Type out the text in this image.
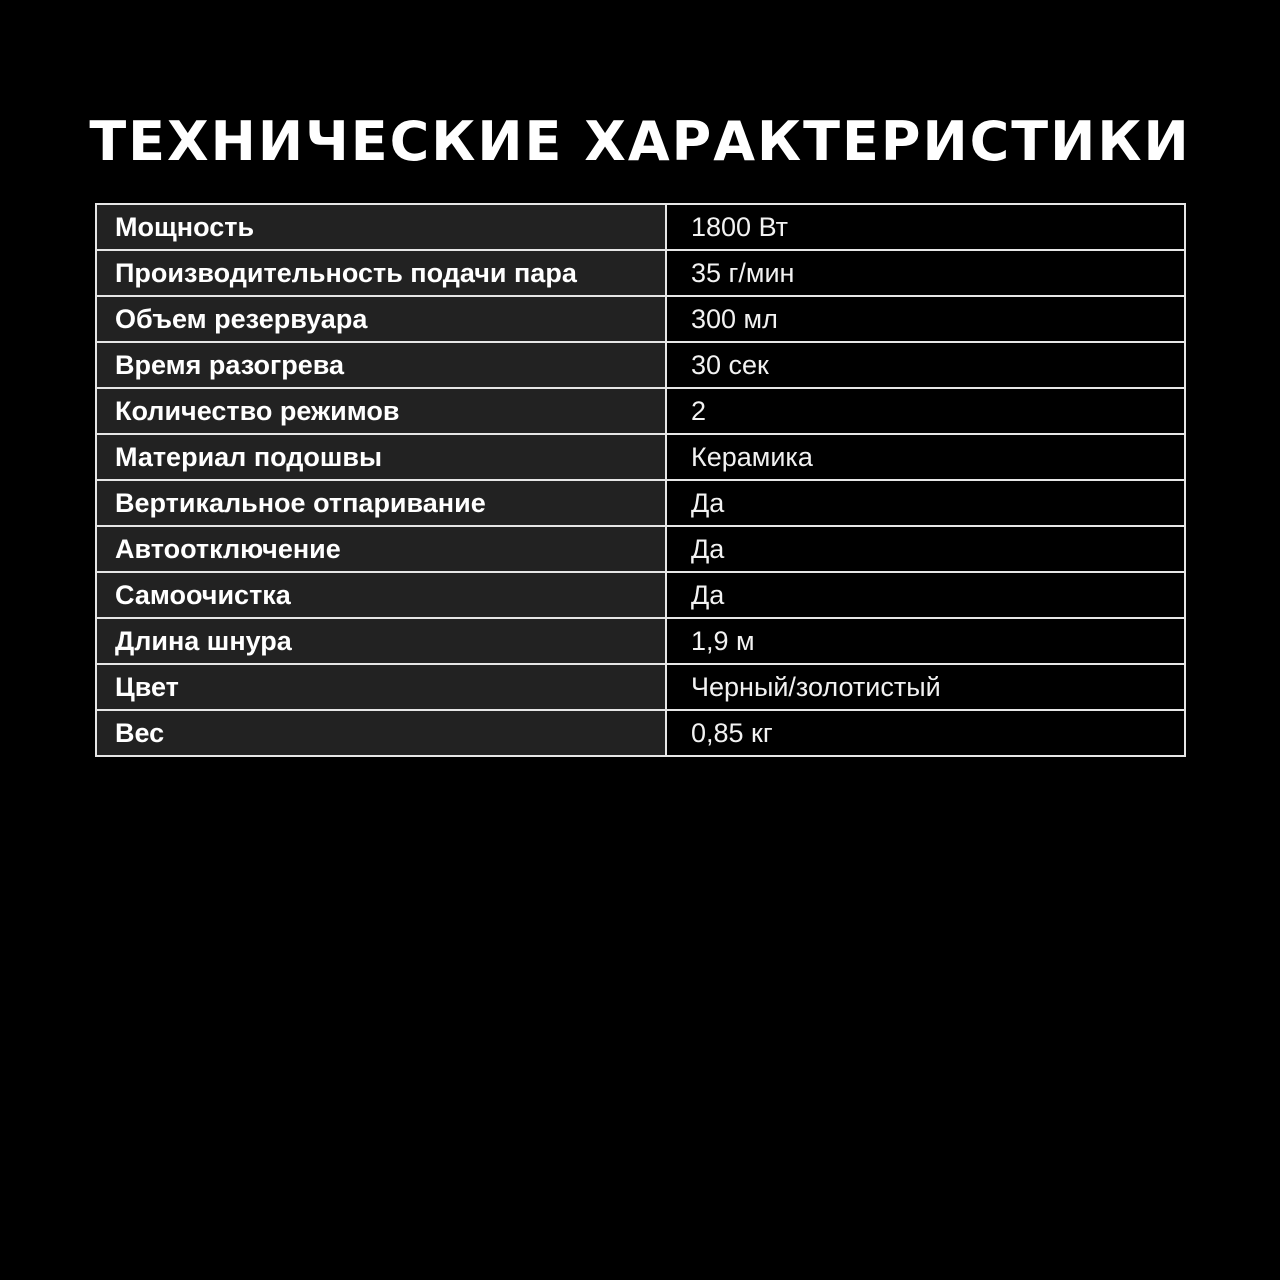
ТЕХНИЧЕСКИЕ ХАРАКТЕРИСТИКИ
Мощность	1800 Вт
Производительность подачи пара	35 г/мин
Объем резервуара	300 мл
Время разогрева	30 сек
Количество режимов	2
Материал подошвы	Керамика
Вертикальное отпаривание	Да
Автоотключение	Да
Самоочистка	Да
Длина шнура	1,9 м
Цвет	Черный/золотистый
Вес	0,85 кг
